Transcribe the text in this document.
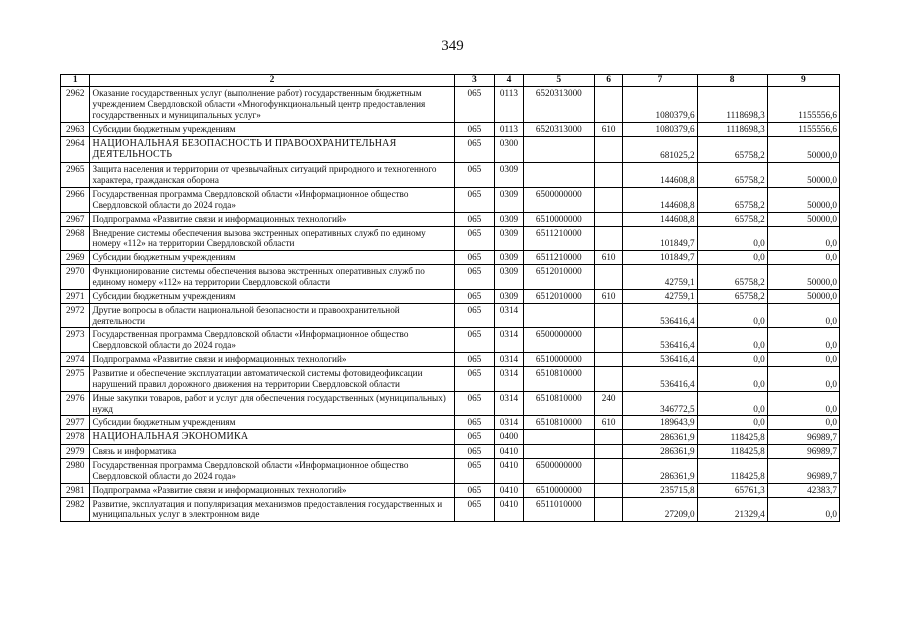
349
1	2	3	4	5	6	7	8	9
2962	Оказание государственных услуг (выполнение работ) государственным бюджетным учреждением Свердловской области «Многофункциональный центр предоставления государственных и муниципальных услуг»	065	0113	6520313000		1080379,6	1118698,3	1155556,6
2963	Субсидии бюджетным учреждениям	065	0113	6520313000	610	1080379,6	1118698,3	1155556,6
2964	НАЦИОНАЛЬНАЯ БЕЗОПАСНОСТЬ И ПРАВООХРАНИТЕЛЬНАЯ ДЕЯТЕЛЬНОСТЬ	065	0300			681025,2	65758,2	50000,0
2965	Защита населения и территории от чрезвычайных ситуаций природного и техногенного характера, гражданская оборона	065	0309			144608,8	65758,2	50000,0
2966	Государственная программа Свердловской области «Информационное общество Свердловской области до 2024 года»	065	0309	6500000000		144608,8	65758,2	50000,0
2967	Подпрограмма «Развитие связи и информационных технологий»	065	0309	6510000000		144608,8	65758,2	50000,0
2968	Внедрение системы обеспечения вызова экстренных оперативных служб по единому номеру «112» на территории Свердловской области	065	0309	6511210000		101849,7	0,0	0,0
2969	Субсидии бюджетным учреждениям	065	0309	6511210000	610	101849,7	0,0	0,0
2970	Функционирование системы обеспечения вызова экстренных оперативных служб по единому номеру «112» на территории Свердловской области	065	0309	6512010000		42759,1	65758,2	50000,0
2971	Субсидии бюджетным учреждениям	065	0309	6512010000	610	42759,1	65758,2	50000,0
2972	Другие вопросы в области национальной безопасности и правоохранительной деятельности	065	0314			536416,4	0,0	0,0
2973	Государственная программа Свердловской области «Информационное общество Свердловской области до 2024 года»	065	0314	6500000000		536416,4	0,0	0,0
2974	Подпрограмма «Развитие связи и информационных технологий»	065	0314	6510000000		536416,4	0,0	0,0
2975	Развитие и обеспечение эксплуатации автоматической системы фотовидеофиксации нарушений правил дорожного движения на территории Свердловской области	065	0314	6510810000		536416,4	0,0	0,0
2976	Иные закупки товаров, работ и услуг для обеспечения государственных (муниципальных) нужд	065	0314	6510810000	240	346772,5	0,0	0,0
2977	Субсидии бюджетным учреждениям	065	0314	6510810000	610	189643,9	0,0	0,0
2978	НАЦИОНАЛЬНАЯ ЭКОНОМИКА	065	0400			286361,9	118425,8	96989,7
2979	Связь и информатика	065	0410			286361,9	118425,8	96989,7
2980	Государственная программа Свердловской области «Информационное общество Свердловской области до 2024 года»	065	0410	6500000000		286361,9	118425,8	96989,7
2981	Подпрограмма «Развитие связи и информационных технологий»	065	0410	6510000000		235715,8	65761,3	42383,7
2982	Развитие, эксплуатация и популяризация механизмов предоставления государственных и муниципальных услуг в электронном виде	065	0410	6511010000		27209,0	21329,4	0,0
